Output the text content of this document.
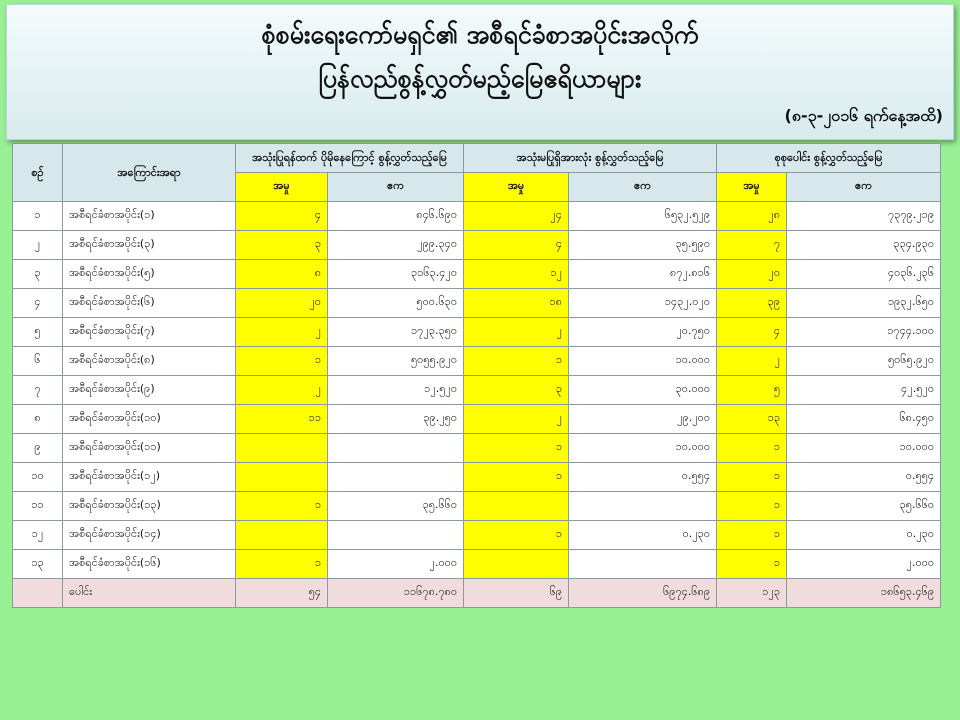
စုံစမ်းရေးကော်မရှင်၏ အစီရင်ခံစာအပိုင်းအလိုက်
ပြန်လည်စွန့်လွှတ်မည့်မြေဧရိယာများ
(၈-၃-၂၀၁၆ ရက်နေ့အထိ)
စဉ်	အကြောင်းအရာ	အသုံးပြုရန်ထက် ပိုမိုနေကြောင့် စွန့်လွှတ်သည့်မြေ		အသုံးမပြုရှိအားလုံး စွန့်လွှတ်သည့်မြေ		စုစုပေါင်း စွန့်လွှတ်သည့်မြေ	
		အမှု	ဧက	အမှု	ဧက	အမှု	ဧက
၁	အစီရင်ခံစာအပိုင်း(၁)	၄	၈၄၆.၆၉၀	၂၄	၆၅၃၂.၅၂၉	၂၈	၇၃၇၉.၂၁၉
၂	အစီရင်ခံစာအပိုင်း(၃)	၃	၂၉၉.၃၄၀	၄	၃၅.၅၉၀	၇	၃၃၄.၉၃၀
၃	အစီရင်ခံစာအပိုင်း(၅)	၈	၃၁၆၃.၄၂၀	၁၂	၈၇၂.၈၁၆	၂၀	၄၀၃၆.၂၃၆
၄	အစီရင်ခံစာအပိုင်း(၆)	၂၀	၅၀၀.၆၃၀	၁၈	၁၄၃၂.၀၂၀	၃၉	၁၉၃၂.၆၅၀
၅	အစီရင်ခံစာအပိုင်း(၇)	၂	၁၇၂၃.၃၅၀	၂	၂၀.၇၅၀	၄	၁၇၄၄.၁၀၀
၆	အစီရင်ခံစာအပိုင်း(၈)	၁	၅၀၅၅.၉၂၀	၁	၁၀.၀၀၀	၂	၅၀၆၅.၉၂၀
၇	အစီရင်ခံစာအပိုင်း(၉)	၂	၁၂.၅၂၀	၃	၃၀.၀၀၀	၅	၄၂.၅၂၀
၈	အစီရင်ခံစာအပိုင်း(၁၀)	၁၁	၃၉.၂၅၀	၂	၂၉.၂၀၀	၁၃	၆၈.၄၅၀
၉	အစီရင်ခံစာအပိုင်း(၁၁)			၁	၁၀.၀၀၀	၁	၁၀.၀၀၀
၁၀	အစီရင်ခံစာအပိုင်း(၁၂)			၁	၀.၅၅၄	၁	၀.၅၅၄
၁၁	အစီရင်ခံစာအပိုင်း(၁၃)	၁	၃၅.၆၆၀			၁	၃၅.၆၆၀
၁၂	အစီရင်ခံစာအပိုင်း(၁၄)			၁	၀.၂၃၀	၁	၀.၂၃၀
၁၃	အစီရင်ခံစာအပိုင်း(၁၆)	၁	၂.၀၀၀			၁	၂.၀၀၀
	ပေါင်း	၅၄	၁၁၆၇၈.၇၈၀	၆၉	၆၉၇၄.၆၈၉	၁၂၃	၁၈၆၅၃.၄၆၉
